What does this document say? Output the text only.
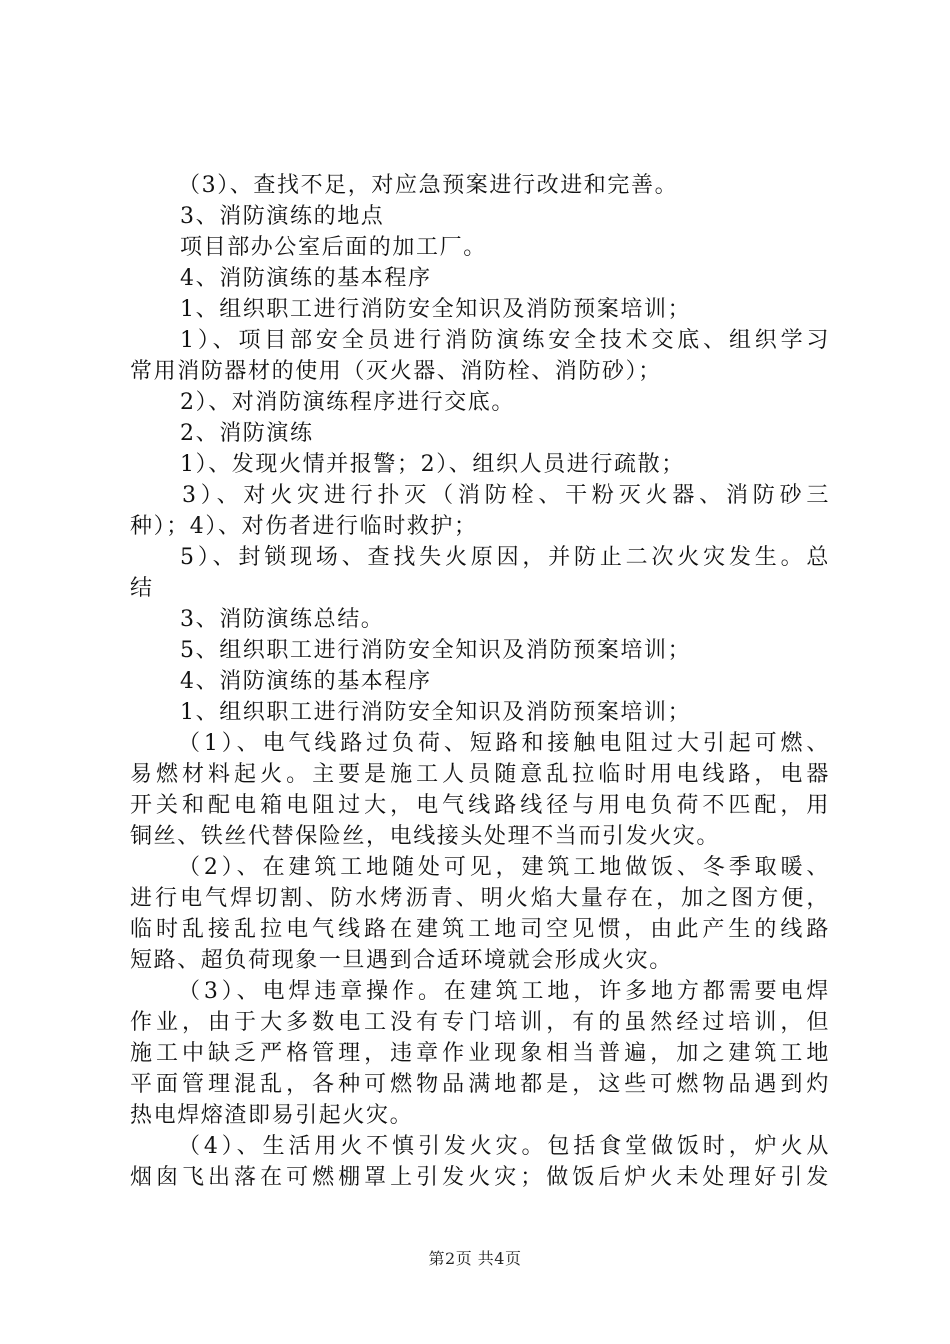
（3）、查找不足，对应急预案进行改进和完善。
3、消防演练的地点
项目部办公室后面的加工厂。
4、消防演练的基本程序
1、组织职工进行消防安全知识及消防预案培训；
1）、项目部安全员进行消防演练安全技术交底、组织学习
常用消防器材的使用（灭火器、消防栓、消防砂）；
2）、对消防演练程序进行交底。
2、消防演练
1）、发现火情并报警；2）、组织人员进行疏散；
3）、对火灾进行扑灭（消防栓、干粉灭火器、消防砂三
种）；4）、对伤者进行临时救护；
5）、封锁现场、查找失火原因，并防止二次火灾发生。总
结
3、消防演练总结。
5、组织职工进行消防安全知识及消防预案培训；
4、消防演练的基本程序
1、组织职工进行消防安全知识及消防预案培训；
（1）、电气线路过负荷、短路和接触电阻过大引起可燃、
易燃材料起火。主要是施工人员随意乱拉临时用电线路，电器
开关和配电箱电阻过大，电气线路线径与用电负荷不匹配，用
铜丝、铁丝代替保险丝，电线接头处理不当而引发火灾。
（2）、在建筑工地随处可见，建筑工地做饭、冬季取暖、
进行电气焊切割、防水烤沥青、明火焰大量存在，加之图方便，
临时乱接乱拉电气线路在建筑工地司空见惯，由此产生的线路
短路、超负荷现象一旦遇到合适环境就会形成火灾。
（3）、电焊违章操作。在建筑工地，许多地方都需要电焊
作业，由于大多数电工没有专门培训，有的虽然经过培训，但
施工中缺乏严格管理，违章作业现象相当普遍，加之建筑工地
平面管理混乱，各种可燃物品满地都是，这些可燃物品遇到灼
热电焊熔渣即易引起火灾。
（4）、生活用火不慎引发火灾。包括食堂做饭时，炉火从
烟囱飞出落在可燃棚罩上引发火灾；做饭后炉火未处理好引发
第2页 共4页
